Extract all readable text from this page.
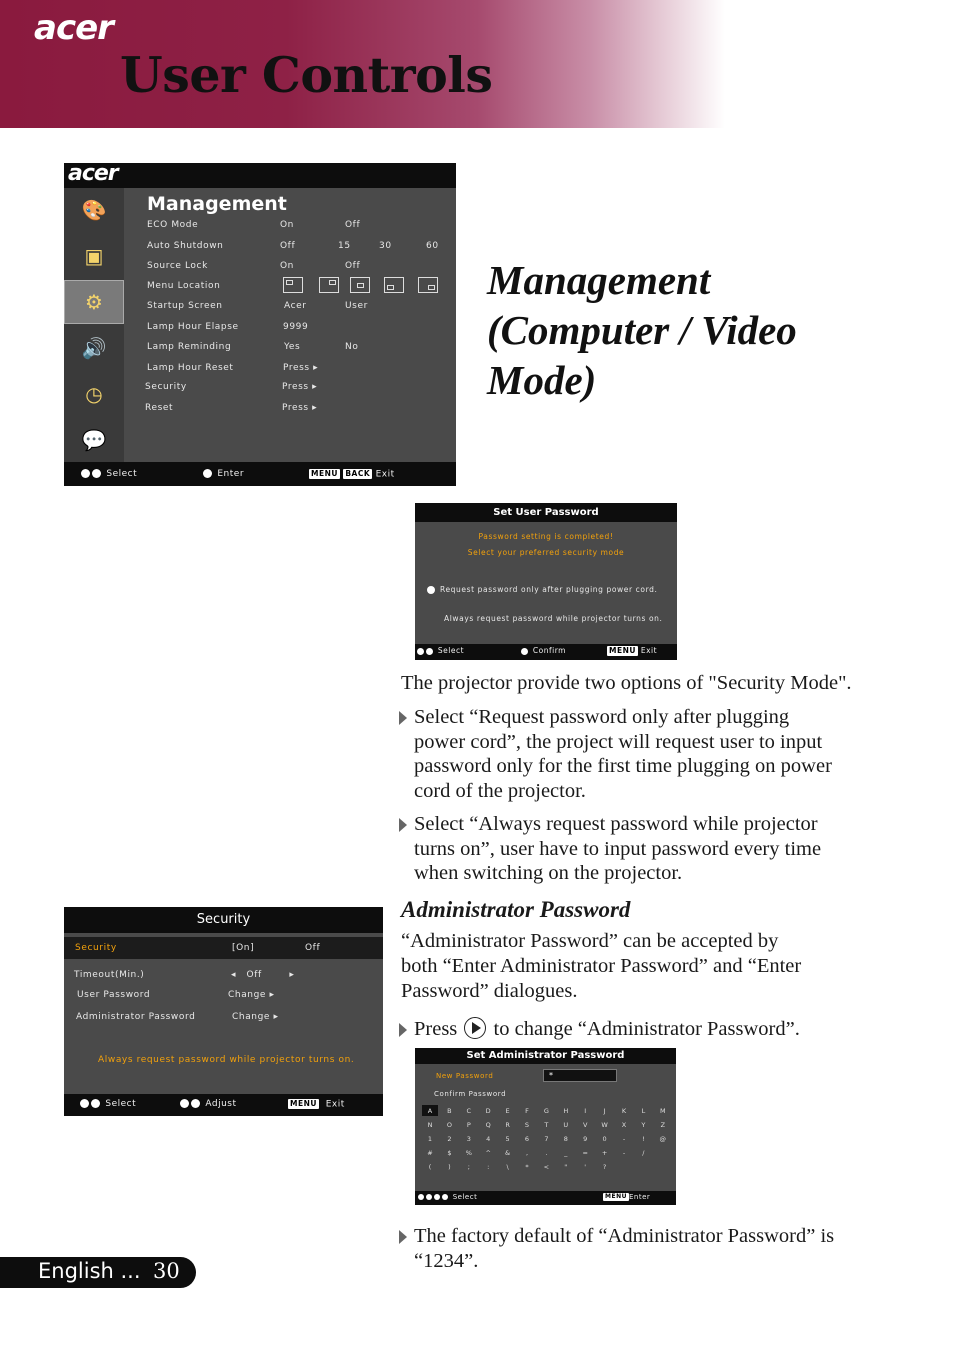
acer
User Controls
acer
🎨
▣
⚙
🔊
◷
💬
Management
ECO Mode	On	Off
Auto Shutdown	Off	15	30	60
Source Lock	On	Off
Menu Location
Startup Screen	Acer	User
Lamp Hour Elapse	9999
Lamp Reminding	Yes	No
Lamp Hour Reset	Press ▸
Security	Press ▸
Reset	Press ▸
Select	Enter	MENU BACK Exit
Management
(Computer / Video
Mode)
Set User Password
Password setting is completed!
Select your preferred security mode
Request password only after plugging power cord.
Always request password while projector turns on.
Select	Confirm	MENU Exit
The projector provide two options of "Security Mode".
Select “Request password only after plugging
power cord”, the project will request user to input
password only for the first time plugging on power
cord of the projector.
Select “Always request password while projector
turns on”, user have to input password every time
when switching on the projector.
Security
Security	[On]	Off
Timeout(Min.)	◂   Off        ▸
User Password	Change ▸
Administrator Password	Change ▸
Always request password while projector turns on.
Select	Adjust	MENU Exit
Administrator Password
“Administrator Password” can be accepted by
both “Enter Administrator Password” and “Enter
Password” dialogues.
Press to change “Administrator Password”.
Set Administrator Password
New Password	*
Confirm Password
A	B	C	D	E	F	G	H	I	J	K	L	M
N	O	P	Q	R	S	T	U	V	W	X	Y	Z
1	2	3	4	5	6	7	8	9	0	-	!	@
#	$	%	^	&	,	.	_	=	+	-	/
(	)	;	:	\	*	<	"	'	?
Select	MENU Enter
The factory default of “Administrator Password” is
“1234”.
English ... 30
